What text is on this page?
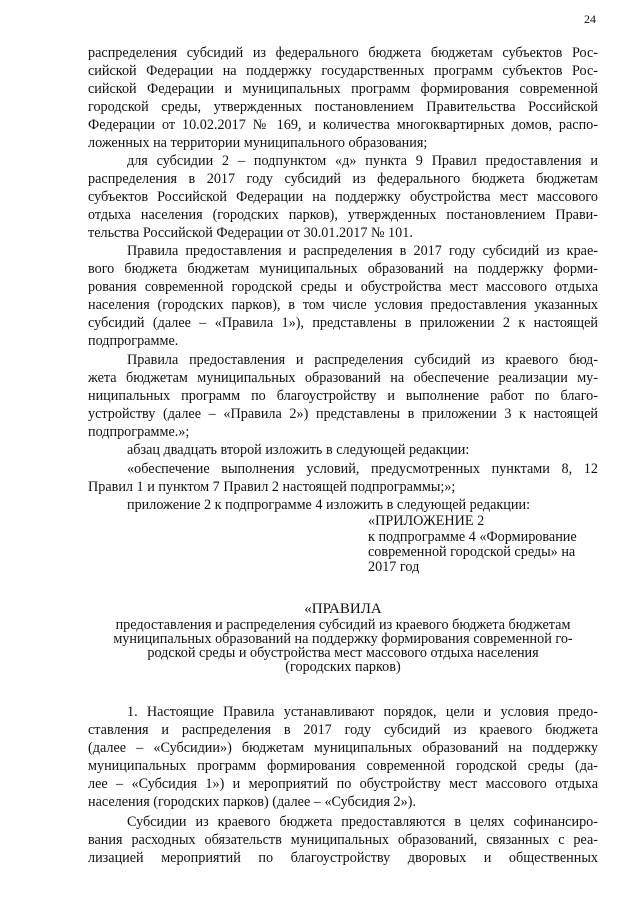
24
распределения субсидий из федерального бюджета бюджетам субъектов Рос-
сийской Федерации на поддержку государственных программ субъектов Рос-
сийской Федерации и муниципальных программ формирования современной
городской среды, утвержденных постановлением Правительства Российской
Федерации от 10.02.2017 № 169, и количества многоквартирных домов, распо-
ложенных на территории муниципального образования;
для субсидии 2 – подпунктом «д» пункта 9 Правил предоставления и
распределения в 2017 году субсидий из федерального бюджета бюджетам
субъектов Российской Федерации на поддержку обустройства мест массового
отдыха населения (городских парков), утвержденных постановлением Прави-
тельства Российской Федерации от 30.01.2017 № 101.
Правила предоставления и распределения в 2017 году субсидий из крае-
вого бюджета бюджетам муниципальных образований на поддержку форми-
рования современной городской среды и обустройства мест массового отдыха
населения (городских парков), в том числе условия предоставления указанных
субсидий (далее – «Правила 1»), представлены в приложении 2 к настоящей
подпрограмме.
Правила предоставления и распределения субсидий из краевого бюд-
жета бюджетам муниципальных образований на обеспечение реализации му-
ниципальных программ по благоустройству и выполнение работ по благо-
устройству (далее – «Правила 2») представлены в приложении 3 к настоящей
подпрограмме.»;
абзац двадцать второй изложить в следующей редакции:
«обеспечение выполнения условий, предусмотренных пунктами 8, 12
Правил 1 и пунктом 7 Правил 2 настоящей подпрограммы;»;
приложение 2 к подпрограмме 4 изложить в следующей редакции:
«ПРИЛОЖЕНИЕ 2
к подпрограмме 4 «Формирование
современной городской среды» на
2017 год
«ПРАВИЛА
предоставления и распределения субсидий из краевого бюджета бюджетам
муниципальных образований на поддержку формирования современной го-
родской среды и обустройства мест массового отдыха населения
(городских парков)
1. Настоящие Правила устанавливают порядок, цели и условия предо-
ставления и распределения в 2017 году субсидий из краевого бюджета
(далее – «Субсидии») бюджетам муниципальных образований на поддержку
муниципальных программ формирования современной городской среды (да-
лее – «Субсидия 1») и мероприятий по обустройству мест массового отдыха
населения (городских парков) (далее – «Субсидия 2»).
Субсидии из краевого бюджета предоставляются в целях софинансиро-
вания расходных обязательств муниципальных образований, связанных с реа-
лизацией мероприятий по благоустройству дворовых и общественных
